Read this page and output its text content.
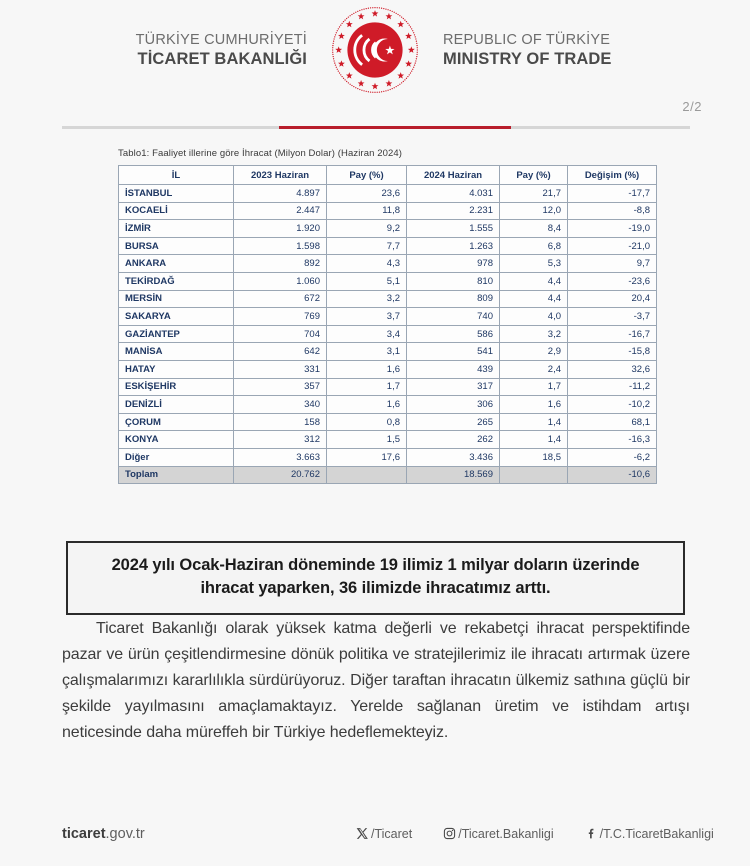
TÜRKİYE CUMHURİYETİ
TİCARET BAKANLIĞI
REPUBLIC OF TÜRKİYE
MINISTRY OF TRADE
2/2
Tablo1: Faaliyet illerine göre İhracat (Milyon Dolar) (Haziran 2024)
İL	2023 Haziran	Pay (%)	2024 Haziran	Pay (%)	Değişim (%)
İSTANBUL	4.897	23,6	4.031	21,7	-17,7
KOCAELİ	2.447	11,8	2.231	12,0	-8,8
İZMİR	1.920	9,2	1.555	8,4	-19,0
BURSA	1.598	7,7	1.263	6,8	-21,0
ANKARA	892	4,3	978	5,3	9,7
TEKİRDAĞ	1.060	5,1	810	4,4	-23,6
MERSİN	672	3,2	809	4,4	20,4
SAKARYA	769	3,7	740	4,0	-3,7
GAZİANTEP	704	3,4	586	3,2	-16,7
MANİSA	642	3,1	541	2,9	-15,8
HATAY	331	1,6	439	2,4	32,6
ESKİŞEHİR	357	1,7	317	1,7	-11,2
DENİZLİ	340	1,6	306	1,6	-10,2
ÇORUM	158	0,8	265	1,4	68,1
KONYA	312	1,5	262	1,4	-16,3
Diğer	3.663	17,6	3.436	18,5	-6,2
Toplam	20.762		18.569		-10,6
2024 yılı Ocak-Haziran döneminde 19 ilimiz 1 milyar doların üzerinde ihracat yaparken, 36 ilimizde ihracatımız arttı.
Ticaret Bakanlığı olarak yüksek katma değerli ve rekabetçi ihracat perspektifinde pazar ve ürün çeşitlendirmesine dönük politika ve stratejilerimiz ile ihracatı artırmak üzere çalışmalarımızı kararlılıkla sürdürüyoruz. Diğer taraftan ihracatın ülkemiz sathına güçlü bir şekilde yayılmasını amaçlamaktayız. Yerelde sağlanan üretim ve istihdam artışı neticesinde daha müreffeh bir Türkiye hedeflemekteyiz.
ticaret.gov.tr	/Ticaret	/Ticaret.Bakanligi	/T.C.TicaretBakanligi
